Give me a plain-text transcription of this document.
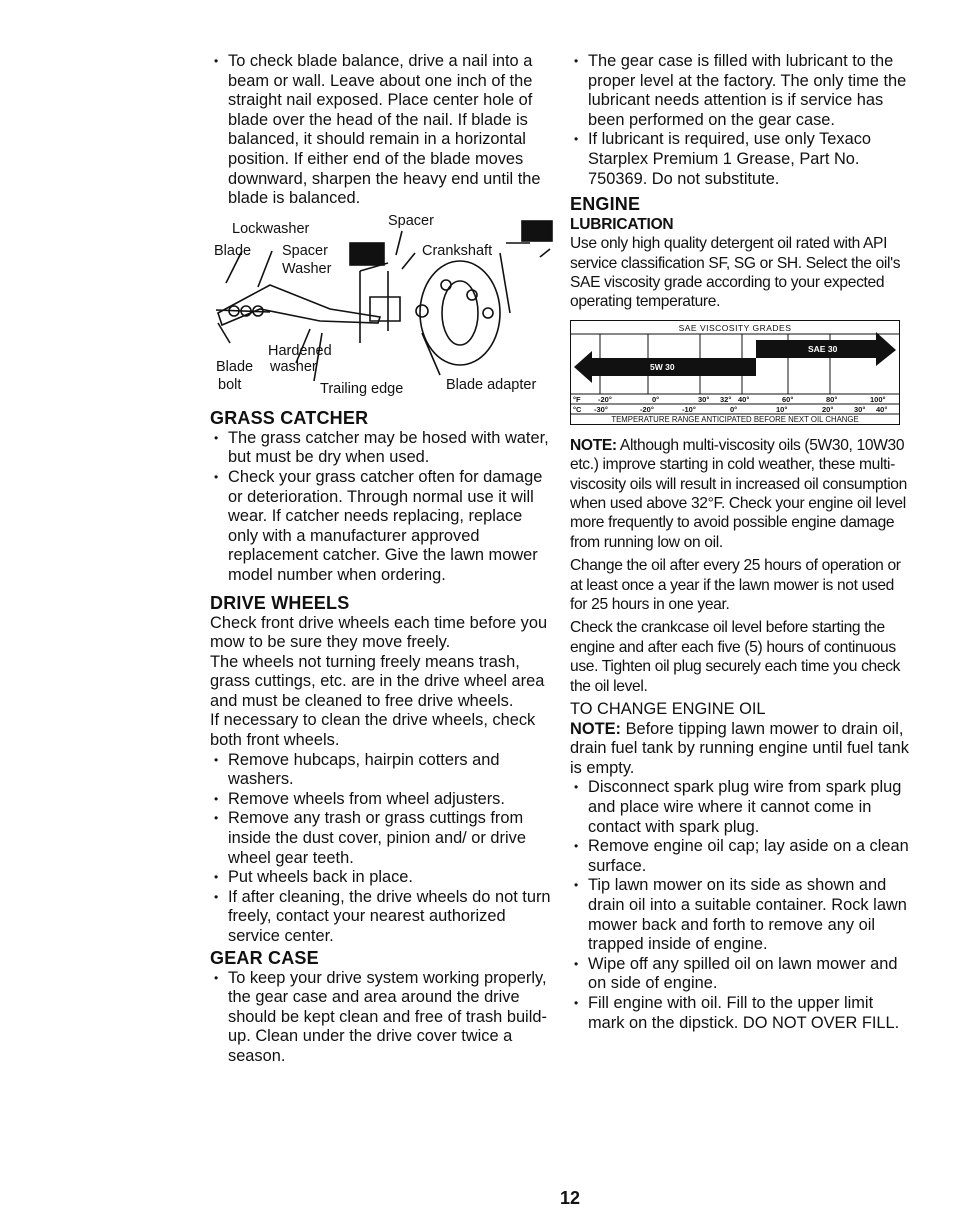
• To check blade balance, drive a nail into a beam or wall. Leave about one inch of the straight nail exposed. Place center hole of blade over the head of the nail. If blade is balanced, it should remain in a horizontal position. If either end of the blade moves downward, sharpen the heavy end until the blade is balanced.

Lockwasher	Spacer
Blade Spacer
Washer
Crankshaft
Hardened
Blade washer
bolt	Trailing edge	Blade adapter

GRASS CATCHER

• The grass catcher may be hosed with water, but must be dry when used.

• Check your grass catcher often for damage or deterioration. Through normal use it will wear. If catcher needs replacing, replace only with a manufacturer approved replacement catcher. Give the lawn mower model number when ordering.

DRIVE WHEELS

Check front drive wheels each time before you mow to be sure they move freely.

The wheels not turning freely means trash, grass cuttings, etc. are in the drive wheel area and must be cleaned to free drive wheels.

If necessary to clean the drive wheels, check both front wheels.

• Remove hubcaps, hairpin cotters and washers.

• Remove wheels from wheel adjusters.

• Remove any trash or grass cuttings from inside the dust cover, pinion and/ or drive wheel gear teeth.

• Put wheels back in place.

• If after cleaning, the drive wheels do not turn freely, contact your nearest authorized service center.

GEAR CASE

• To keep your drive system working properly, the gear case and area around the drive should be kept clean and free of trash build-up. Clean under the drive cover twice a season.

• The gear case is filled with lubricant to the proper level at the factory. The only time the lubricant needs attention is if service has been performed on the gear case.

• If lubricant is required, use only Texaco Starplex Premium 1 Grease, Part No. 750369. Do not substitute.

ENGINE

LUBRICATION

Use only high quality detergent oil rated with API service classification SF, SG or SH. Select the oil's SAE viscosity grade according to your expected operating temperature.

SAE VISCOSITY GRADES
5W 30
SAE 30
°F -20°	0°	30° 32° 40°	60°	80°	100°
°C -30°	-20°	-10°	0°	10°	20°	30° 40°
TEMPERATURE RANGE ANTICIPATED BEFORE NEXT OIL CHANGE

NOTE: Although multi-viscosity oils (5W30, 10W30 etc.) improve starting in cold weather, these multi-viscosity oils will result in increased oil consumption when used above 32°F. Check your engine oil level more frequently to avoid possible engine damage from running low on oil.

Change the oil after every 25 hours of operation or at least once a year if the lawn mower is not used for 25 hours in one year.

Check the crankcase oil level before starting the engine and after each five (5) hours of continuous use. Tighten oil plug securely each time you check the oil level.

TO CHANGE ENGINE OIL

NOTE: Before tipping lawn mower to drain oil, drain fuel tank by running engine until fuel tank is empty.

• Disconnect spark plug wire from spark plug and place wire where it cannot come in contact with spark plug.

• Remove engine oil cap; lay aside on a clean surface.

• Tip lawn mower on its side as shown and drain oil into a suitable container. Rock lawn mower back and forth to remove any oil trapped inside of engine.

• Wipe off any spilled oil on lawn mower and on side of engine.

• Fill engine with oil. Fill to the upper limit mark on the dipstick. DO NOT OVER FILL.

12
